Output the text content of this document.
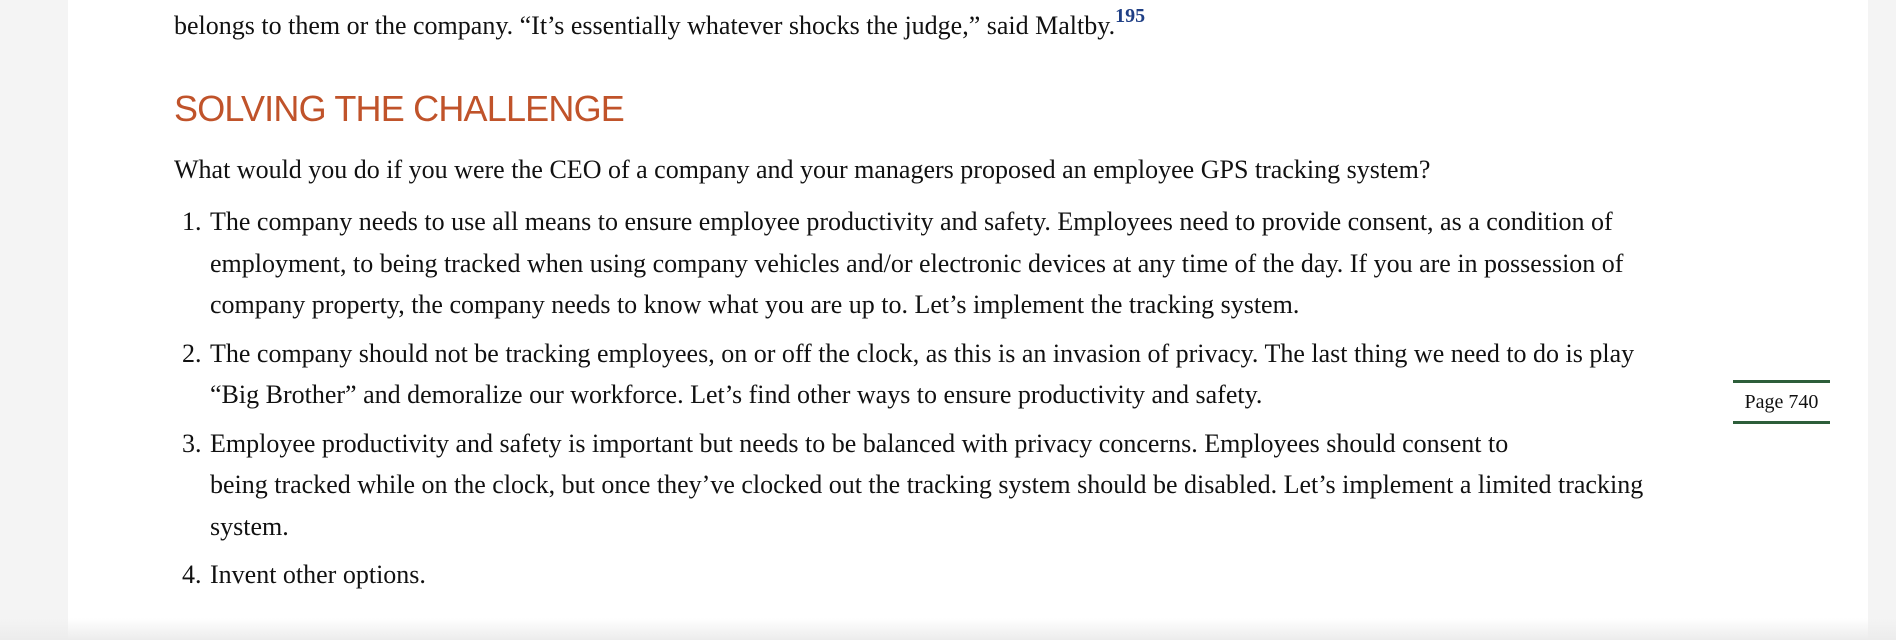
belongs to them or the company. “It’s essentially whatever shocks the judge,” said Maltby.$^{195}$

SOLVING THE CHALLENGE

What would you do if you were the CEO of a company and your managers proposed an employee GPS tracking system?

1. The company needs to use all means to ensure employee productivity and safety. Employees need to provide consent, as a condition of
employment, to being tracked when using company vehicles and/or electronic devices at any time of the day. If you are in possession of
company property, the company needs to know what you are up to. Let’s implement the tracking system.
2. The company should not be tracking employees, on or off the clock, as this is an invasion of privacy. The last thing we need to do is play
“Big Brother” and demoralize our workforce. Let’s find other ways to ensure productivity and safety.
3. Employee productivity and safety is important but needs to be balanced with privacy concerns. Employees should consent to
being tracked while on the clock, but once they’ve clocked out the tracking system should be disabled. Let’s implement a limited tracking
system.
4. Invent other options.
Page 740
